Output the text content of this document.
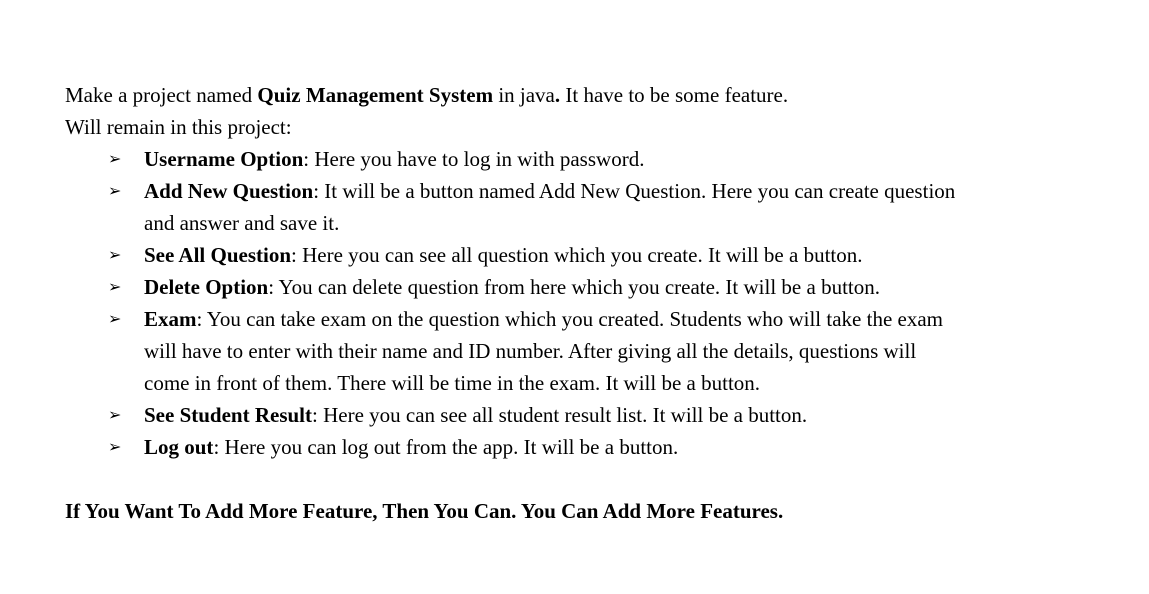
Make a project named Quiz Management System in java. It have to be some feature.
Will remain in this project:
➢ Username Option: Here you have to log in with password.
➢ Add New Question: It will be a button named Add New Question. Here you can create question
and answer and save it.
➢ See All Question: Here you can see all question which you create. It will be a button.
➢ Delete Option: You can delete question from here which you create. It will be a button.
➢ Exam: You can take exam on the question which you created. Students who will take the exam
will have to enter with their name and ID number. After giving all the details, questions will
come in front of them. There will be time in the exam. It will be a button.
➢ See Student Result: Here you can see all student result list. It will be a button.
➢ Log out: Here you can log out from the app. It will be a button.
If You Want To Add More Feature, Then You Can. You Can Add More Features.
